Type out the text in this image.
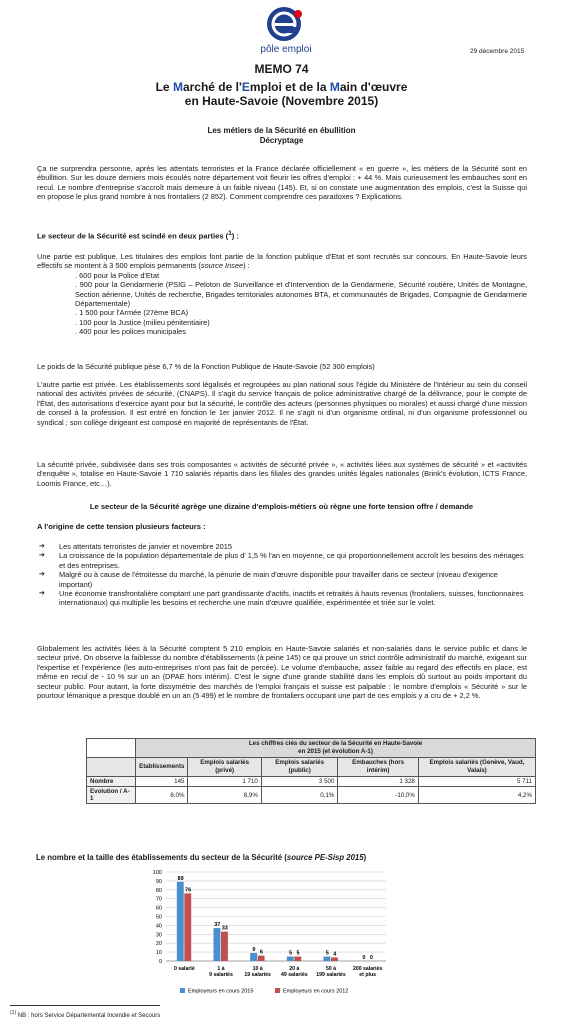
pôle emploi	29 décembre 2015
MEMO 74
Le Marché de l'Emploi et de la Main d'œuvre
en Haute-Savoie (Novembre 2015)
Les métiers de la Sécurité en ébullition
Décryptage
Ça ne surprendra personne, après les attentats terroristes et la France déclarée officiellement « en guerre », les métiers de la Sécurité sont en ébullition. Sur les douze derniers mois écoulés notre département voit fleurir les offres d'emploi : + 44 %. Mais curieusement les embauches sont en recul. Le nombre d'entreprise s'accroît mais demeure à un faible niveau (145). Et, si on constate une augmentation des emplois, c'est la Suisse qui en propose le plus grand nombre à nos frontaliers (2 852). Comment comprendre ces paradoxes ? Explications.
Le secteur de la Sécurité est scindé en deux parties ($^1$) :
Une partie est publique. Les titulaires des emplois font partie de la fonction publique d'Etat et sont recrutés sur concours. En Haute-Savoie leurs effectifs se montent à 3 500 emplois permanents (source Insee) :

. 600 pour la Police d'Etat

. 900 pour la Gendarmerie (PSIG – Peloton de Surveillance et d'Intervention de la Gendarmerie, Sécurité routière, Unités de Montagne, Section aérienne, Unités de recherche, Brigades territoriales autonomes BTA, et communautés de Brigades, Compagnie de Gendarmerie Départementale)

. 1 500 pour l'Armée (27ème BCA)

. 100 pour la Justice (milieu pénitentiaire)

. 400 pour les polices municipales

Le poids de la Sécurité publique pèse 6,7 % de la Fonction Publique de Haute-Savoie (52 300 emplois)
L'autre partie est privée. Les établissements sont légalisés et regroupées au plan national sous l'égide du Ministère de l'Intérieur au sein du conseil national des activités privées de sécurité, (CNAPS). Il s'agit du service français de police administrative chargé de la délivrance, pour le compte de l'État, des autorisations d'exercice ayant pour but la sécurité, le contrôle des acteurs (personnes physiques ou morales) et aussi chargé d'une mission de conseil à la profession. Il est entré en fonction le 1er janvier 2012. Il ne s'agit ni d'un organisme ordinal, ni d'un organisme professionnel ou syndical ; son collège dirigeant est composé en majorité de représentants de l'État.
La sécurité privée, subdivisée dans ses trois composantes « activités de sécurité privée », « activités liées aux systèmes de sécurité » et «activités d'enquête », totalise en Haute-Savoie 1 710 salariés répartis dans les filiales des grandes unités légales nationales (Brink's évolution, ICTS France, Loomis France, etc…).
Le secteur de la Sécurité agrège une dizaine d'emplois-métiers où règne une forte tension offre / demande
A l'origine de cette tension plusieurs facteurs :
➔ Les attentats terroristes de janvier et novembre 2015
➔ La croissance de la population départementale de plus d' 1,5 % l'an en moyenne, ce qui proportionnellement accroît les besoins des ménages et des entreprises.
➔ Malgré ou à cause de l'étroitesse du marché, la pénurie de main d'œuvre disponible pour travailler dans ce secteur (niveau d'exigence important)
➔ Une économie transfrontalière comptant une part grandissante d'actifs, inactifs et retraités à hauts revenus (frontaliers, suisses, fonctionnaires internationaux) qui multiplie les besoins et recherche une main d'œuvre qualifiée, expérimentée et triée sur le volet.
Globalement les activités liées à la Sécurité comptent 5 210 emplois en Haute-Savoie salariés et non-salariés dans le service public et dans le secteur privé. On observe la faiblesse du nombre d'établissements (à peine 145) ce qui prouve un strict contrôle administratif du marché, exigeant sur l'expertise et l'expérience (les auto-entreprises n'ont pas fait de percée). Le volume d'embauche, assez faible au regard des effectifs en place, est même en recul de - 10 % sur un an (DPAE hors intérim). C'est le signe d'une grande stabilité dans les emplois dû surtout au poids important du secteur public. Pour autant, la forte dissymétrie des marchés de l'emploi français et suisse est palpable : le nombre d'emplois « Sécurité » sur le pourtour lémanique a presque doublé en un an (5 499) et le nombre de frontaliers occupant une part de ces emplois y a cru de + 2,2 %.

	Les chiffres clés du secteur de la Sécurité en Haute-Savoie
en 2015 (et évolution A-1)				

	Etablissements	Emplois salariés (privé)	Emplois salariés (public)	Embauches (hors intérim)	Emplois salariés (Genève, Vaud, Valais)
Nombre	145	1 710	3 500	1 328	5 711
Evolution / A-1	8,0%	8,9%	0,1%	-10,0%	4,2%
Le nombre et la taille des établissements du secteur de la Sécurité (source PE-Sisp 2015)
0
10
20
30
40
50
60
70
80
90
100
89
76
0 salarié
37
33
1 à
9 salariés
9 6
10 à
19 salariés
5 5
20 à
49 salariés
5 4
50 à
199 salariés
0 0
200 salariés
et plus
Employeurs en cours 2015	Employeurs en cours 2012
$^{(1)}$ NB : hors Service Départemental Incendie et Secours
